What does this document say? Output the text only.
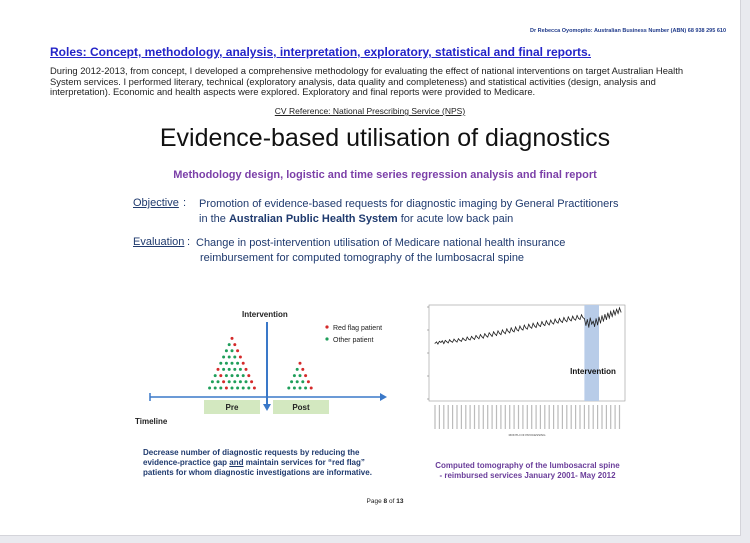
Dr Rebecca Oyomopito: Australian Business Number (ABN) 68 938 295 610
Roles: Concept, methodology, analysis, interpretation, exploratory, statistical and final reports.
During 2012-2013, from concept, I developed a comprehensive methodology for evaluating the effect of national interventions on target Australian Health System services. I performed literary, technical (exploratory analysis, data quality and completeness) and statistical activities (design, analysis and interpretation). Economic and health aspects were explored. Exploratory and final reports were provided to Medicare.
CV Reference: National Prescribing Service (NPS)
Evidence-based utilisation of diagnostics
Methodology design, logistic and time series regression analysis and final report
Objective : Promotion of evidence-based requests for diagnostic imaging by General Practitioners in the Australian Public Health System for acute low back pain
Evaluation : Change in post-intervention utilisation of Medicare national health insurance
reimbursement for computed tomography of the lumbosacral spine
Intervention
Red flag patient
Other patient
Pre	Post
Timeline
Decrease number of diagnostic requests by reducing the
evidence-practice gap and maintain services for “red flag”
patients for whom diagnostic investigations are informative.
Intervention
MONTH OF PROCESSING
Computed tomography of the lumbosacral spine
- reimbursed services January 2001- May 2012
Page 8 of 13
